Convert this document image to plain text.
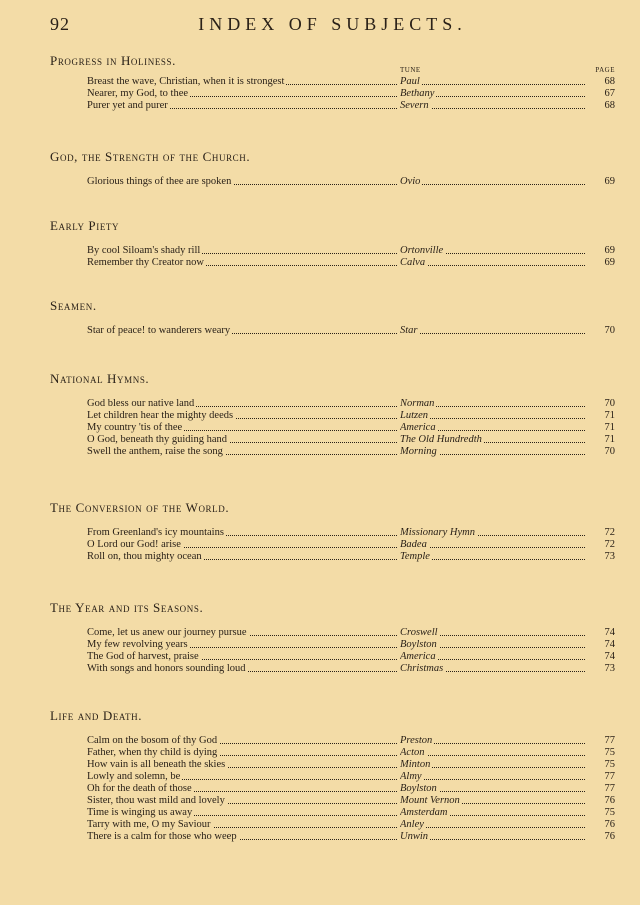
92	INDEX OF SUBJECTS.
Progress in Holiness.
TUNE	PAGE
Breast the wave, Christian, when it is strongest	Paul	68
Nearer, my God, to thee	Bethany	67
Purer yet and purer	Severn	68
God, the Strength of the Church.
Glorious things of thee are spoken	Ovio	69
Early Piety
By cool Siloam's shady rill	Ortonville	69
Remember thy Creator now	Calva	69
Seamen.
Star of peace! to wanderers weary	Star	70
National Hymns.
God bless our native land	Norman	70
Let children hear the mighty deeds	Lutzen	71
My country 'tis of thee	America	71
O God, beneath thy guiding hand	The Old Hundredth	71
Swell the anthem, raise the song	Morning	70
The Conversion of the World.
From Greenland's icy mountains	Missionary Hymn	72
O Lord our God! arise	Badea	72
Roll on, thou mighty ocean	Temple	73
The Year and its Seasons.
Come, let us anew our journey pursue	Croswell	74
My few revolving years	Boylston	74
The God of harvest, praise	America	74
With songs and honors sounding loud	Christmas	73
Life and Death.
Calm on the bosom of thy God	Preston	77
Father, when thy child is dying	Acton	75
How vain is all beneath the skies	Minton	75
Lowly and solemn, be	Almy	77
Oh for the death of those	Boylston	77
Sister, thou wast mild and lovely	Mount Vernon	76
Time is winging us away	Amsterdam	75
Tarry with me, O my Saviour	Anley	76
There is a calm for those who weep	Unwin	76
